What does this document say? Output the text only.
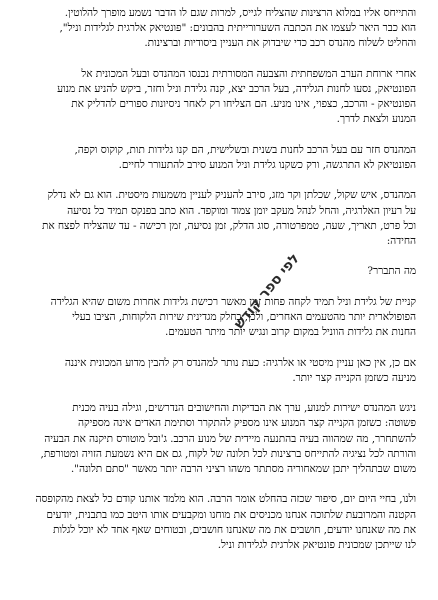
והתייחס אליו במלוא הרצינות שהצליח לגייס, למרות שגם לו הדבר נשמע מופרך להלוטין.
הוא כבר היאר לעצמו את הכתבה השערורייתית בהבונים: "פונטיאק אלרגית לגלידות וניל",
והחליט לשלוח מהנדס רכב כדי שיבדוק את העניין ביסודיות וברצינות.
אחרי ארוחת הערב המשפחתית והצבעה המסורתית נכנסו המהנדס ובעל המכונית אל
הפונטיאק, נסעו לחנות הגלידה, בעל הרכב יצא, קנה גלידת וניל וחזר, ביקש להניע את מנוע
הפונטיאק - והרכב, כצפוי, אינו מניע. הם הצליחו רק לאחר ניסיונות ספורים להדליק את
המנוע ולצאת לדרך.
המהנדס חזר עם בעל הרכב לחנות בשנית ובשלישית, הם קנו גלידות תות, קוקוס וקפה,
הפונטיאק לא התרגשה, ורק כשקנו גלידת וניל המנוע סירב להתעורר לחיים.
המהנדס, איש שקול, שכלתן וקר מזג, סירב להעניק לעניין משמעות מיסטית. הוא גם לא נדלק
על רעיון האלרגיה, והחל לנהל מעקב יומן צמוד ומוקפד. הוא כתב בפנקס תמיד כל נסיעה
וכל פרט, תאריך, שעה, טמפרטורה, סוג הדלק, זמן נסיעה, זמן רכישה - עד שהצליח לפצח את
החידה:
מה התברר?
קניית של גלידת וניל תמיד לקחה פחות זמן מאשר רכישת גלידות אחרות משום שהיא הגלידה
הפופולארית יותר מהטעמים האחרים, ולכן, בחלק מגדינית שירות הלקוחות, הציבו בעלי
החנות את גלידות הווניל במקום קרוב ונגיש יותר מיתר הטעמים.
אם כן, אין כאן עניין מיסטי או אלרגיה: כעת נותר למהנדס רק להבין מדוע המכונית איננה
מניעה כשזמן הקנייה קצר יותר.
ניגש המהנדס ישירות למנוע, ערך את הבדיקות והחישובים הנדרשים, וגילה בעיה מכנית
פשוטה: כשזמן הקנייה קצר המנוע אינו מספיק להתקרר וסתימת האדים אינה מספיקה
להשתחרר, מה שמהווה בעיה בהתנעה מיידית של מנוע הרכב. ג'ובל מוטורס תיקנה את הבעיה
והורתה לכל נציגיה להתייחס ברצינות לכל תלונה של לקוח, גם אם היא נשמעת הזויה ומטורפת,
משום שבתהליך יתכן שמאחוריה מסתתר משהו רציני הרבה יותר מאשר "סתם תלונה".
ולנו, בחיי היום יום, סיפור שכזה בהחלט אומר הרבה. הוא מלמד אותנו קודם כל לצאת מהקופסה
הקטנה והמרובעת שלתוכה אנחנו מכניסים את מוחנו ומקבעים אותו היטב כמו בתבנית, יודעים
את מה שאנחנו יודעים, חושבים את מה שאנחנו חושבים, ובטוחים שאף אחד לא יוכל לגלות
לנו שייתכן שמכונית פונטיאק אלרגית לגלידות וניל.
לפי ספר קודש
